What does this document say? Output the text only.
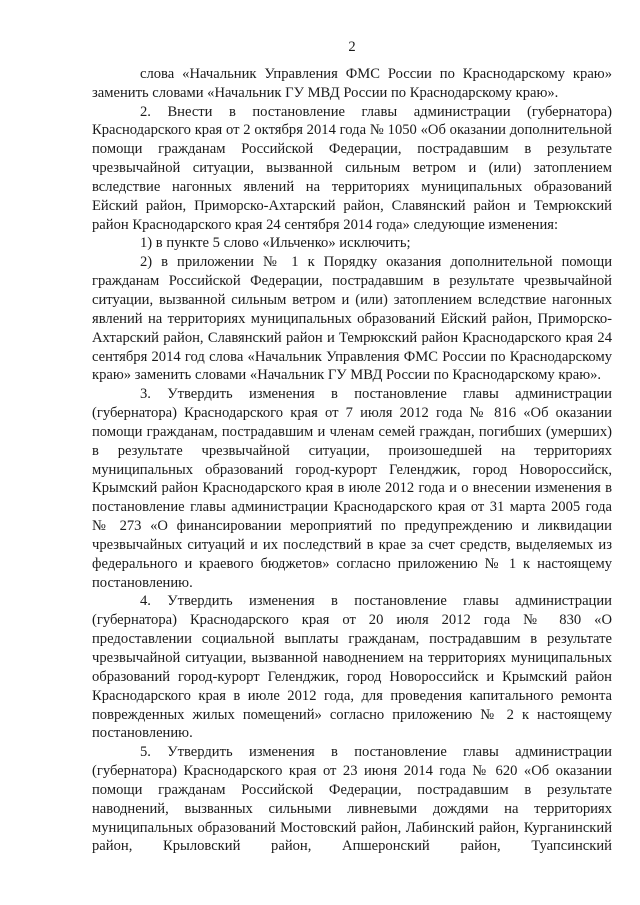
2

слова «Начальник Управления ФМС России по Краснодарскому краю» заменить словами «Начальник ГУ МВД России по Краснодарскому краю».

2. Внести в постановление главы администрации (губернатора) Краснодарского края от 2 октября 2014 года № 1050 «Об оказании дополнительной помощи гражданам Российской Федерации, пострадавшим в результате чрезвычайной ситуации, вызванной сильным ветром и (или) затоплением вследствие нагонных явлений на территориях муниципальных образований Ейский район, Приморско-Ахтарский район, Славянский район и Темрюкский район Краснодарского края 24 сентября 2014 года» следующие изменения:

1) в пункте 5 слово «Ильченко» исключить;

2) в приложении № 1 к Порядку оказания дополнительной помощи гражданам Российской Федерации, пострадавшим в результате чрезвычайной ситуации, вызванной сильным ветром и (или) затоплением вследствие нагонных явлений на территориях муниципальных образований Ейский район, Приморско-Ахтарский район, Славянский район и Темрюкский район Краснодарского края 24 сентября 2014 год слова «Начальник Управления ФМС России по Краснодарскому краю» заменить словами «Начальник ГУ МВД России по Краснодарскому краю».

3. Утвердить изменения в постановление главы администрации (губернатора) Краснодарского края от 7 июля 2012 года № 816 «Об оказании помощи гражданам, пострадавшим и членам семей граждан, погибших (умерших) в результате чрезвычайной ситуации, произошедшей на территориях муниципальных образований город-курорт Геленджик, город Новороссийск, Крымский район Краснодарского края в июле 2012 года и о внесении изменения в постановление главы администрации Краснодарского края от 31 марта 2005 года № 273 «О финансировании мероприятий по предупреждению и ликвидации чрезвычайных ситуаций и их последствий в крае за счет средств, выделяемых из федерального и краевого бюджетов» согласно приложению № 1 к настоящему постановлению.

4. Утвердить изменения в постановление главы администрации (губернатора) Краснодарского края от 20 июля 2012 года № 830 «О предоставлении социальной выплаты гражданам, пострадавшим в результате чрезвычайной ситуации, вызванной наводнением на территориях муниципальных образований город-курорт Геленджик, город Новороссийск и Крымский район Краснодарского края в июле 2012 года, для проведения капитального ремонта поврежденных жилых помещений» согласно приложению № 2 к настоящему постановлению.

5. Утвердить изменения в постановление главы администрации (губернатора) Краснодарского края от 23 июня 2014 года № 620 «Об оказании помощи гражданам Российской Федерации, пострадавшим в результате наводнений, вызванных сильными ливневыми дождями на территориях муниципальных образований Мостовский район, Лабинский район, Курганинский район, Крыловский район, Апшеронский район, Туапсинский
